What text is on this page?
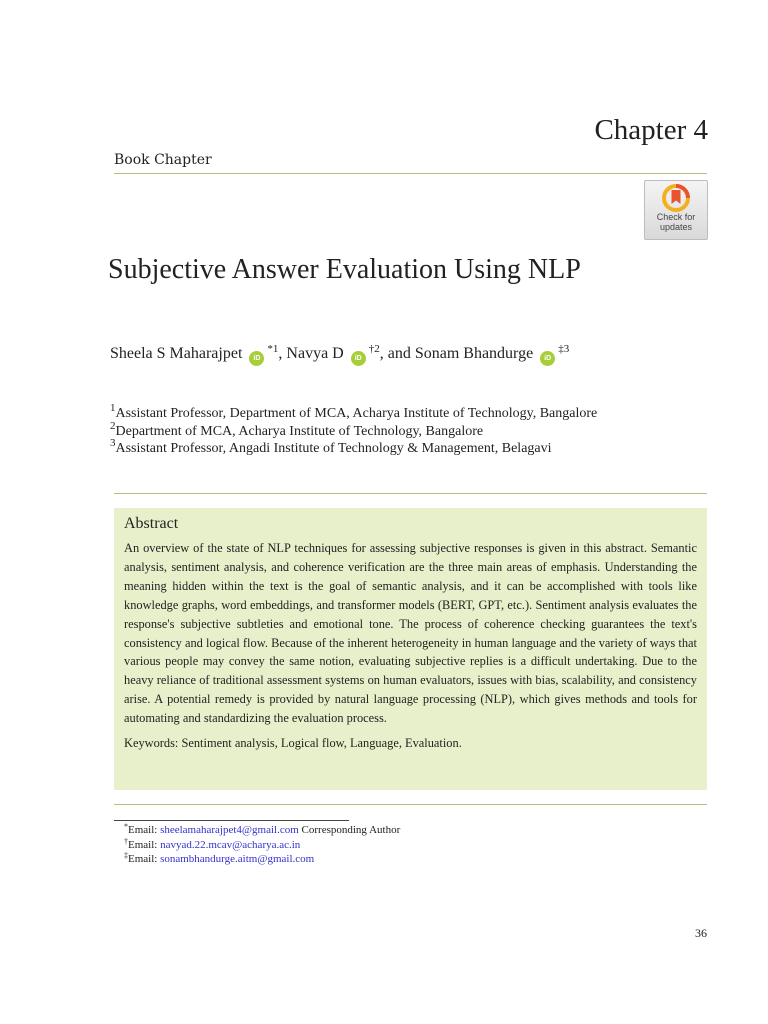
Chapter 4
Book Chapter
Check for
updates
Subjective Answer Evaluation Using NLP
Sheela S Maharajpet $iD^{*1}$, Navya D $iD^{\dagger 2}$, and Sonam Bhandurge $iD^{\ddagger 3}$
$^1$Assistant Professor, Department of MCA, Acharya Institute of Technology, Bangalore
$^2$Department of MCA, Acharya Institute of Technology, Bangalore
$^3$Assistant Professor, Angadi Institute of Technology & Management, Belagavi
Abstract
An overview of the state of NLP techniques for assessing subjective responses is given in this abstract. Semantic analysis, sentiment analysis, and coherence verification are the three main areas of emphasis. Understanding the meaning hidden within the text is the goal of semantic analysis, and it can be accomplished with tools like knowledge graphs, word embeddings, and transformer models (BERT, GPT, etc.). Sentiment analysis evaluates the response's subjective subtleties and emotional tone. The process of coherence checking guarantees the text's consistency and logical flow. Because of the inherent heterogeneity in human language and the variety of ways that various people may convey the same notion, evaluating subjective replies is a difficult undertaking. Due to the heavy reliance of traditional assessment systems on human evaluators, issues with bias, scalability, and consistency arise. A potential remedy is provided by natural language processing (NLP), which gives methods and tools for automating and standardizing the evaluation process.
Keywords: Sentiment analysis, Logical flow, Language, Evaluation.
*Email: sheelamaharajpet4@gmail.com Corresponding Author
†Email: navyad.22.mcav@acharya.ac.in
‡Email: sonambhandurge.aitm@gmail.com
36
